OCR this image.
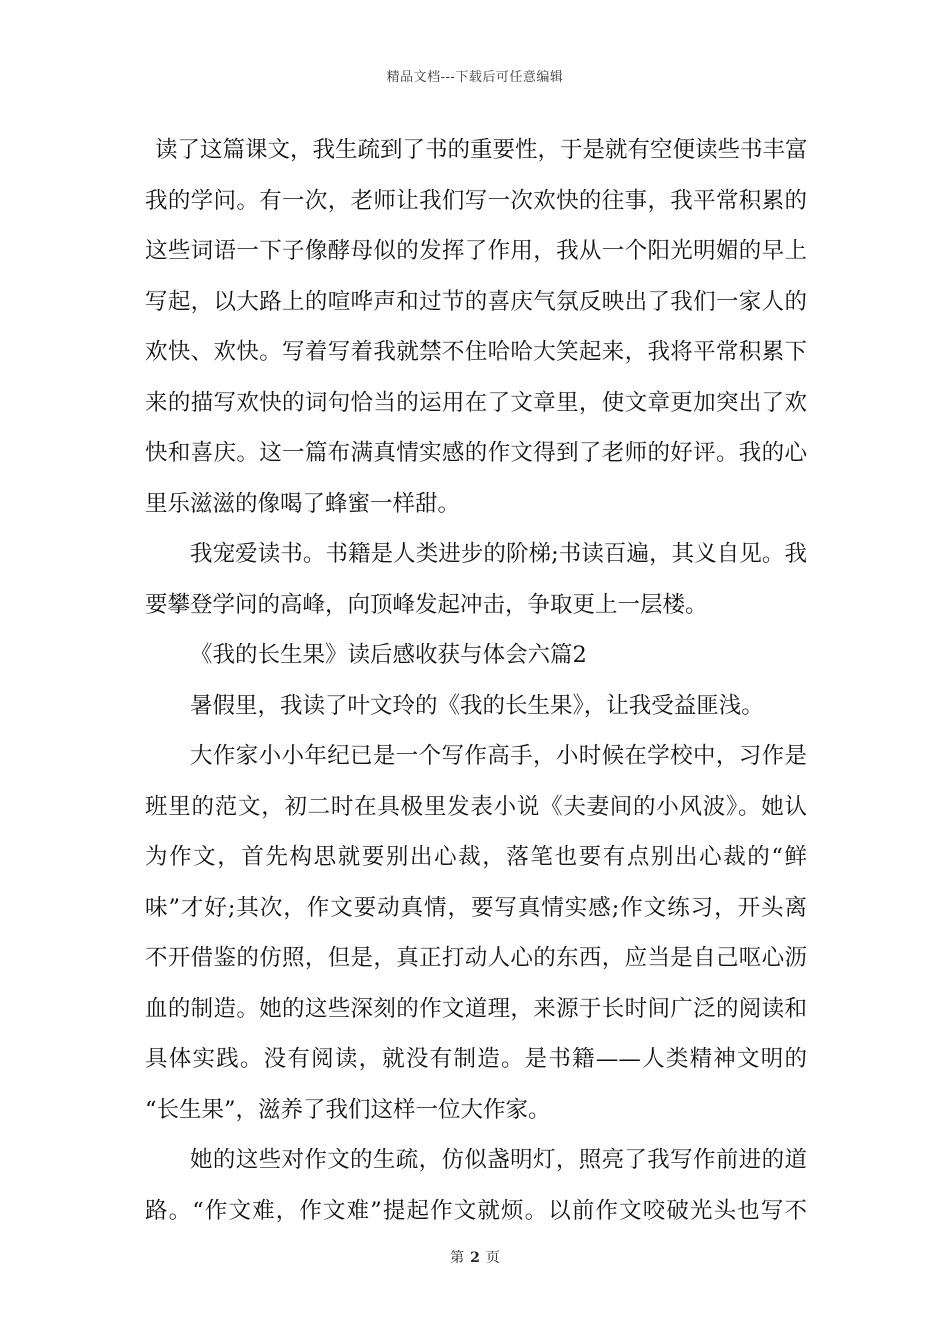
精品文档---下载后可任意编辑
读了这篇课文，我生疏到了书的重要性，于是就有空便读些书丰富
我的学问。有一次，老师让我们写一次欢快的往事，我平常积累的
这些词语一下子像酵母似的发挥了作用，我从一个阳光明媚的早上
写起，以大路上的喧哗声和过节的喜庆气氛反映出了我们一家人的
欢快、欢快。写着写着我就禁不住哈哈大笑起来，我将平常积累下
来的描写欢快的词句恰当的运用在了文章里，使文章更加突出了欢
快和喜庆。这一篇布满真情实感的作文得到了老师的好评。我的心
里乐滋滋的像喝了蜂蜜一样甜。
我宠爱读书。书籍是人类进步的阶梯;书读百遍，其义自见。我
要攀登学问的高峰，向顶峰发起冲击，争取更上一层楼。
《我的长生果》读后感收获与体会六篇2
暑假里，我读了叶文玲的《我的长生果》，让我受益匪浅。
大作家小小年纪已是一个写作高手，小时候在学校中，习作是
班里的范文，初二时在具极里发表小说《夫妻间的小风波》。她认
为作文，首先构思就要别出心裁，落笔也要有点别出心裁的“鲜
味”才好;其次，作文要动真情，要写真情实感;作文练习，开头离
不开借鉴的仿照，但是，真正打动人心的东西，应当是自己呕心沥
血的制造。她的这些深刻的作文道理，来源于长时间广泛的阅读和
具体实践。没有阅读，就没有制造。是书籍——人类精神文明的
“长生果”，滋养了我们这样一位大作家。
她的这些对作文的生疏，仿似盏明灯，照亮了我写作前进的道
路。“作文难，作文难”提起作文就烦。以前作文咬破光头也写不
第 2 页
